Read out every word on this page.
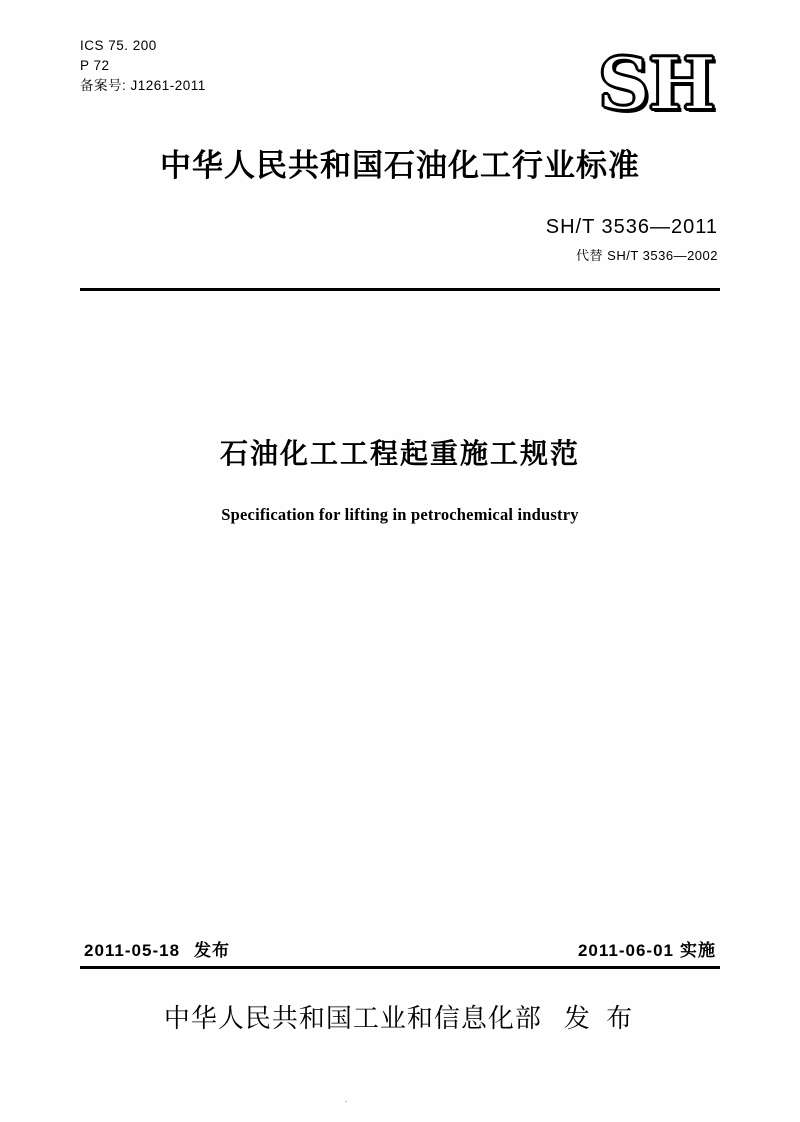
ICS 75. 200
P 72
备案号: J1261-2011	SH
中华人民共和国石油化工行业标准
SH/T 3536—2011
代替 SH/T 3536—2002
石油化工工程起重施工规范
Specification for lifting in petrochemical industry
2011-05-18 发布	2011-06-01 实施
中华人民共和国工业和信息化部 发 布
·
